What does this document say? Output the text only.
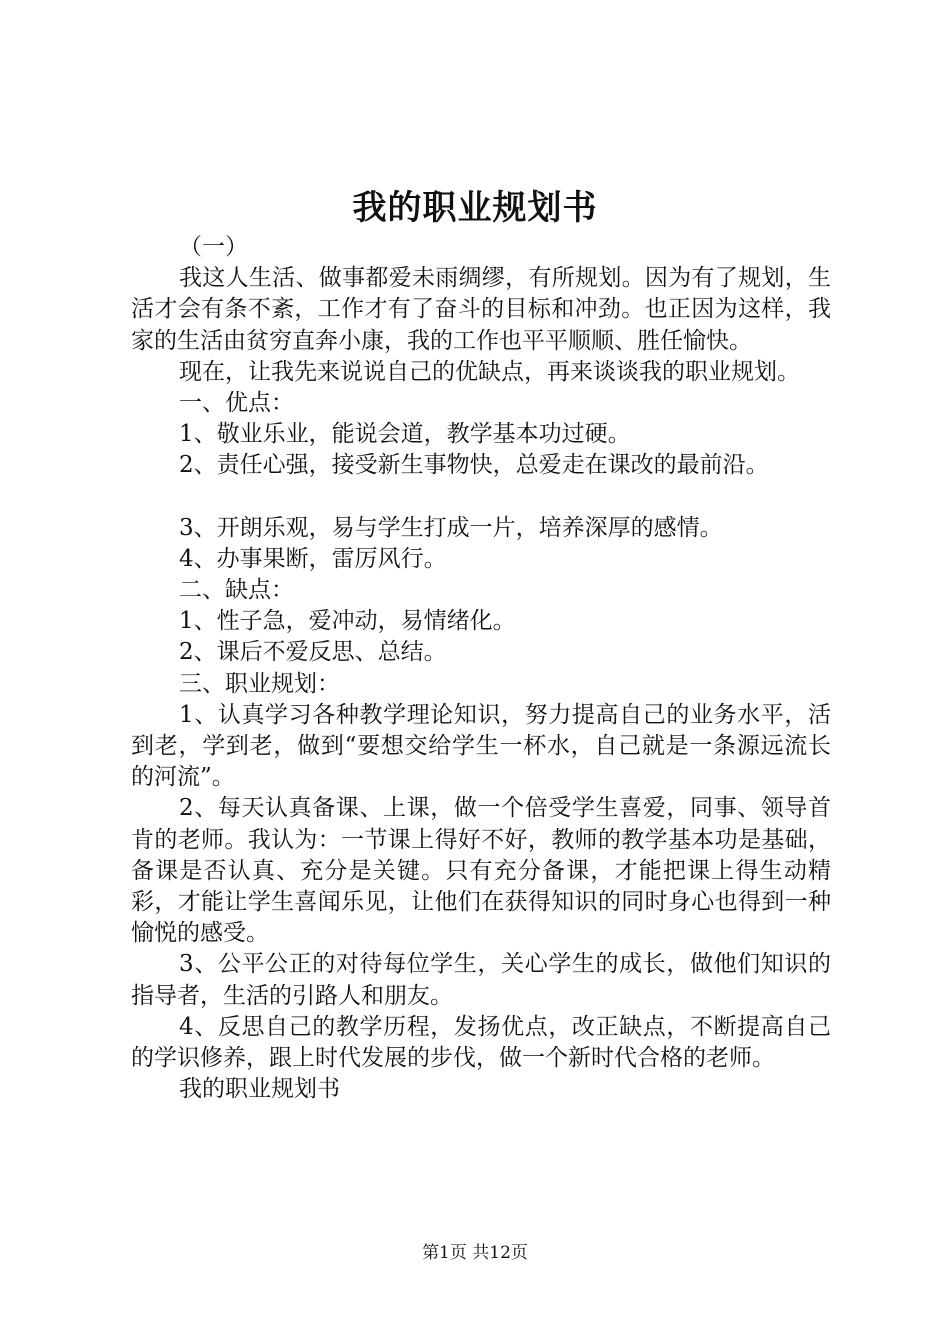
我的职业规划书

（一）

我这人生活、做事都爱未雨绸缪，有所规划。因为有了规划，生活才会有条不紊，工作才有了奋斗的目标和冲劲。也正因为这样，我家的生活由贫穷直奔小康，我的工作也平平顺顺、胜任愉快。

现在，让我先来说说自己的优缺点，再来谈谈我的职业规划。

一、优点：

1、敬业乐业，能说会道，教学基本功过硬。

2、责任心强，接受新生事物快，总爱走在课改的最前沿。

3、开朗乐观，易与学生打成一片，培养深厚的感情。

4、办事果断，雷厉风行。

二、缺点：

1、性子急，爱冲动，易情绪化。

2、课后不爱反思、总结。

三、职业规划：

1、认真学习各种教学理论知识，努力提高自己的业务水平，活到老，学到老，做到“要想交给学生一杯水，自己就是一条源远流长的河流”。

2、每天认真备课、上课，做一个倍受学生喜爱，同事、领导首肯的老师。我认为：一节课上得好不好，教师的教学基本功是基础，备课是否认真、充分是关键。只有充分备课，才能把课上得生动精彩，才能让学生喜闻乐见，让他们在获得知识的同时身心也得到一种愉悦的感受。

3、公平公正的对待每位学生，关心学生的成长，做他们知识的指导者，生活的引路人和朋友。

4、反思自己的教学历程，发扬优点，改正缺点，不断提高自己的学识修养，跟上时代发展的步伐，做一个新时代合格的老师。

我的职业规划书

第1页 共12页
